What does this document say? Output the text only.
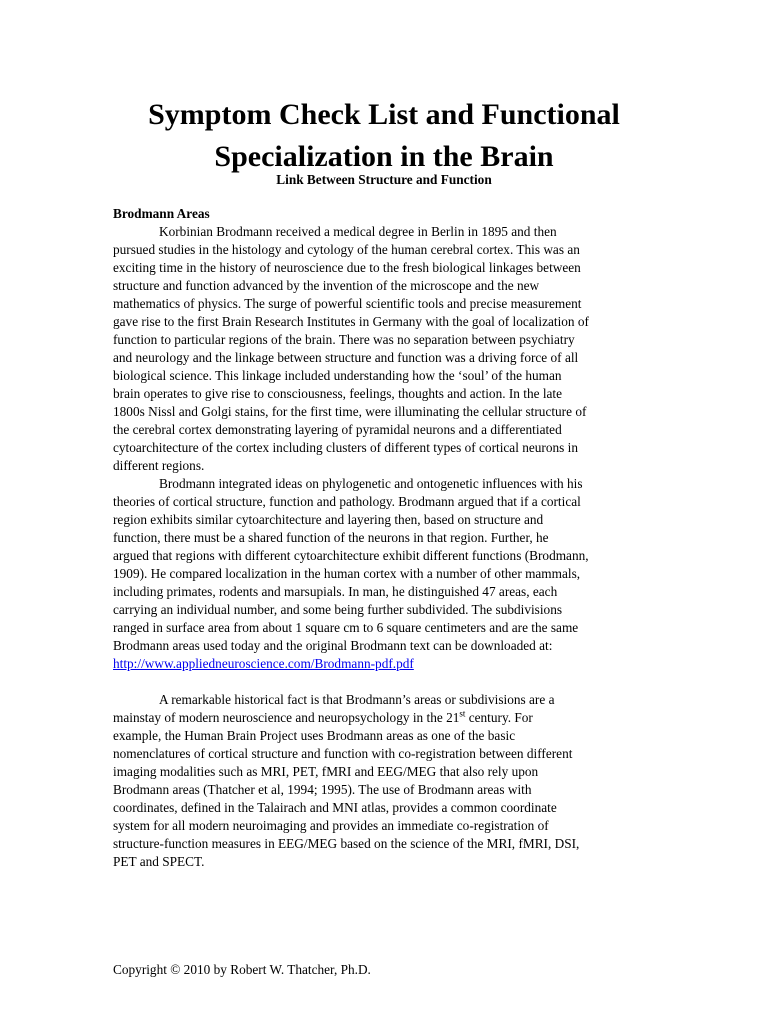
Symptom Check List and Functional
Specialization in the Brain

Link Between Structure and Function

Brodmann Areas

Korbinian Brodmann received a medical degree in Berlin in 1895 and then
pursued studies in the histology and cytology of the human cerebral cortex. This was an
exciting time in the history of neuroscience due to the fresh biological linkages between
structure and function advanced by the invention of the microscope and the new
mathematics of physics. The surge of powerful scientific tools and precise measurement
gave rise to the first Brain Research Institutes in Germany with the goal of localization of
function to particular regions of the brain. There was no separation between psychiatry
and neurology and the linkage between structure and function was a driving force of all
biological science. This linkage included understanding how the ‘soul’ of the human
brain operates to give rise to consciousness, feelings, thoughts and action. In the late
1800s Nissl and Golgi stains, for the first time, were illuminating the cellular structure of
the cerebral cortex demonstrating layering of pyramidal neurons and a differentiated
cytoarchitecture of the cortex including clusters of different types of cortical neurons in
different regions.
Brodmann integrated ideas on phylogenetic and ontogenetic influences with his
theories of cortical structure, function and pathology. Brodmann argued that if a cortical
region exhibits similar cytoarchitecture and layering then, based on structure and
function, there must be a shared function of the neurons in that region. Further, he
argued that regions with different cytoarchitecture exhibit different functions (Brodmann,
1909). He compared localization in the human cortex with a number of other mammals,
including primates, rodents and marsupials. In man, he distinguished 47 areas, each
carrying an individual number, and some being further subdivided. The subdivisions
ranged in surface area from about 1 square cm to 6 square centimeters and are the same
Brodmann areas used today and the original Brodmann text can be downloaded at:
http://www.appliedneuroscience.com/Brodmann-pdf.pdf
A remarkable historical fact is that Brodmann’s areas or subdivisions are a
mainstay of modern neuroscience and neuropsychology in the 21st century. For
example, the Human Brain Project uses Brodmann areas as one of the basic
nomenclatures of cortical structure and function with co-registration between different
imaging modalities such as MRI, PET, fMRI and EEG/MEG that also rely upon
Brodmann areas (Thatcher et al, 1994; 1995). The use of Brodmann areas with
coordinates, defined in the Talairach and MNI atlas, provides a common coordinate
system for all modern neuroimaging and provides an immediate co-registration of
structure-function measures in EEG/MEG based on the science of the MRI, fMRI, DSI,
PET and SPECT.

Copyright © 2010 by Robert W. Thatcher, Ph.D.
